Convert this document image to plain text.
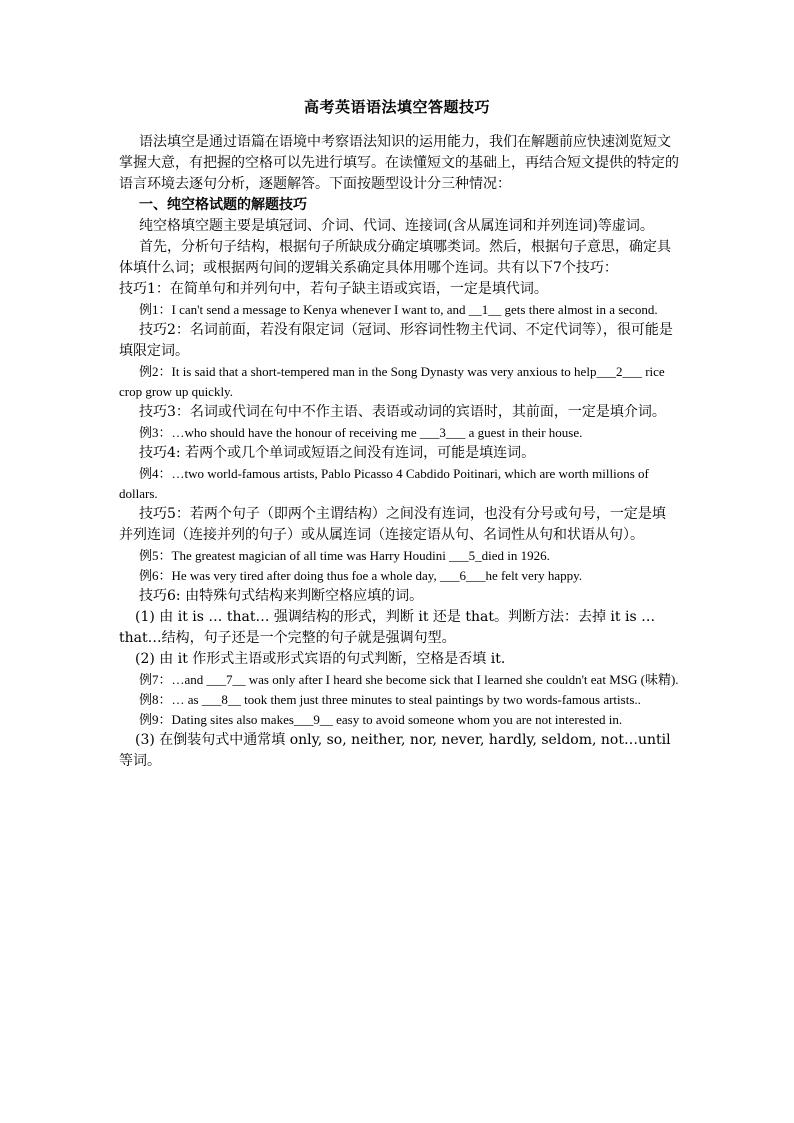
高考英语语法填空答题技巧

语法填空是通过语篇在语境中考察语法知识的运用能力，我们在解题前应快速浏览短文掌握大意，有把握的空格可以先进行填写。在读懂短文的基础上，再结合短文提供的特定的语言环境去逐句分析，逐题解答。下面按题型设计分三种情况：

一、纯空格试题的解题技巧

纯空格填空题主要是填冠词、介词、代词、连接词(含从属连词和并列连词)等虚词。

首先，分析句子结构，根据句子所缺成分确定填哪类词。然后，根据句子意思，确定具体填什么词；或根据两句间的逻辑关系确定具体用哪个连词。共有以下7个技巧：

技巧1：在简单句和并列句中，若句子缺主语或宾语，一定是填代词。

例1：I can't send a message to Kenya whenever I want to, and __1__ gets there almost in a second.

技巧2：名词前面，若没有限定词（冠词、形容词性物主代词、不定代词等），很可能是填限定词。

例2：It is said that a short-tempered man in the Song Dynasty was very anxious to help___2___ rice crop grow up quickly.

技巧3：名词或代词在句中不作主语、表语或动词的宾语时，其前面，一定是填介词。

例3：…who should have the honour of receiving me ___3___ a guest in their house.

技巧4: 若两个或几个单词或短语之间没有连词，可能是填连词。

例4：…two world-famous artists, Pablo Picasso 4 Cabdido Poitinari, which are worth millions of dollars.

技巧5：若两个句子（即两个主谓结构）之间没有连词，也没有分号或句号，一定是填并列连词（连接并列的句子）或从属连词（连接定语从句、名词性从句和状语从句）。

例5：The greatest magician of all time was Harry Houdini ___5_died in 1926.

例6：He was very tired after doing thus foe a whole day, ___6___he felt very happy.

技巧6: 由特殊句式结构来判断空格应填的词。

(1) 由 it is … that… 强调结构的形式，判断 it 还是 that。判断方法：去掉 it is … that…结构，句子还是一个完整的句子就是强调句型。

(2) 由 it 作形式主语或形式宾语的句式判断，空格是否填 it.

例7：…and ___7__ was only after I heard she become sick that I learned she couldn't eat MSG (味精).

例8：… as ___8__ took them just three minutes to steal paintings by two words-famous artists..

例9：Dating sites also makes___9__ easy to avoid someone whom you are not interested in.

(3) 在倒装句式中通常填 only, so, neither, nor, never, hardly, seldom, not…until 等词。
